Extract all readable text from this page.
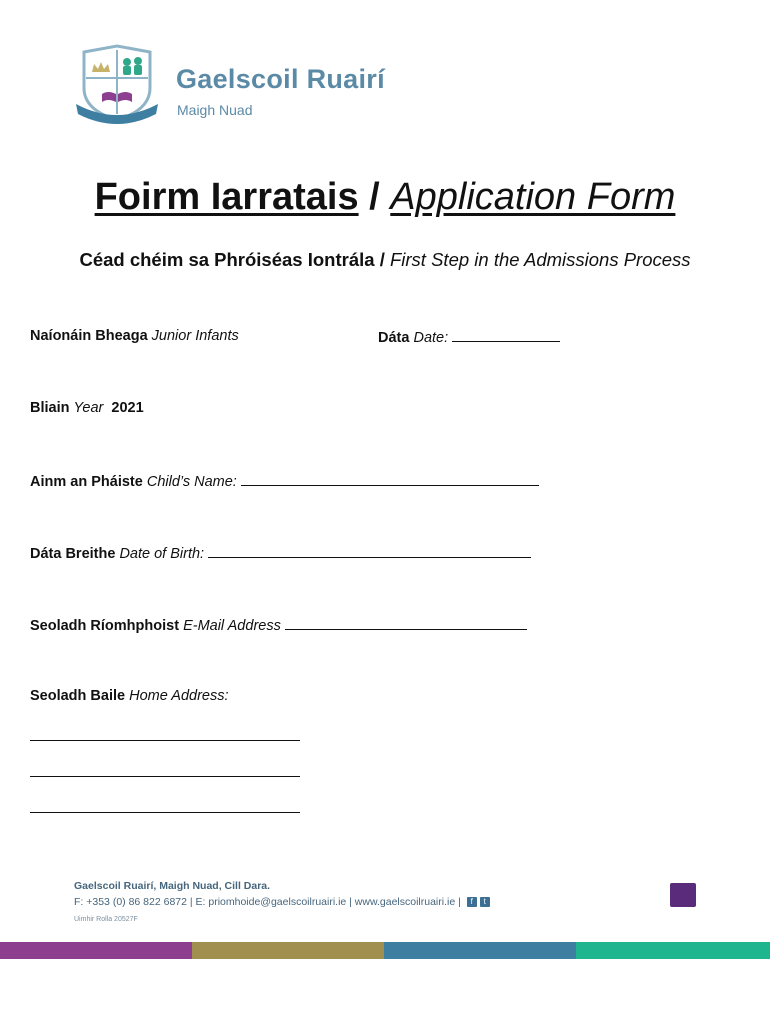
Gaelscoil Ruairí
Maigh Nuad
Foirm Iarratais / Application Form
Céad chéim sa Phróiséas Iontrála / First Step in the Admissions Process
Naíonáin Bheaga Junior Infants	Dáta Date:
Bliain Year 2021
Ainm an Pháiste Child’s Name:
Dáta Breithe Date of Birth:
Seoladh Ríomhphoist E-Mail Address
Seoladh Baile Home Address:
Gaelscoil Ruairí, Maigh Nuad, Cill Dara.
F: +353 (0) 86 822 6872 | E: priomhoide@gaelscoilruairi.ie | www.gaelscoilruairi.ie | f t
Uimhir Rolla 20527F
